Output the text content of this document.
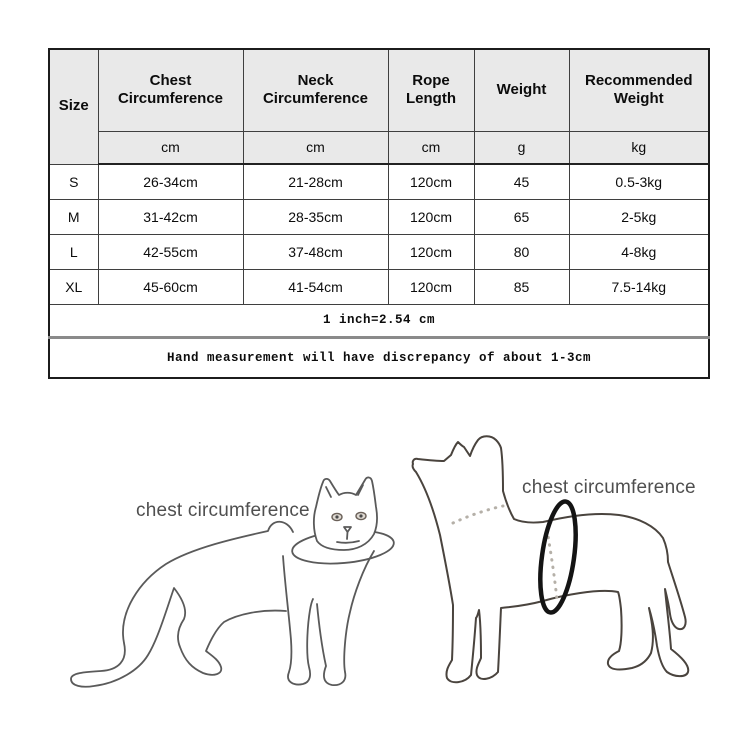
Size	Chest Circumference	Neck Circumference	Rope Length	Weight	Recommended Weight
	cm	cm	cm	g	kg
S	26-34cm	21-28cm	120cm	45	0.5-3kg
M	31-42cm	28-35cm	120cm	65	2-5kg
L	42-55cm	37-48cm	120cm	80	4-8kg
XL	45-60cm	41-54cm	120cm	85	7.5-14kg
1 inch=2.54 cm					
Hand measurement will have discrepancy of about 1-3cm					
chest circumference
chest circumference
